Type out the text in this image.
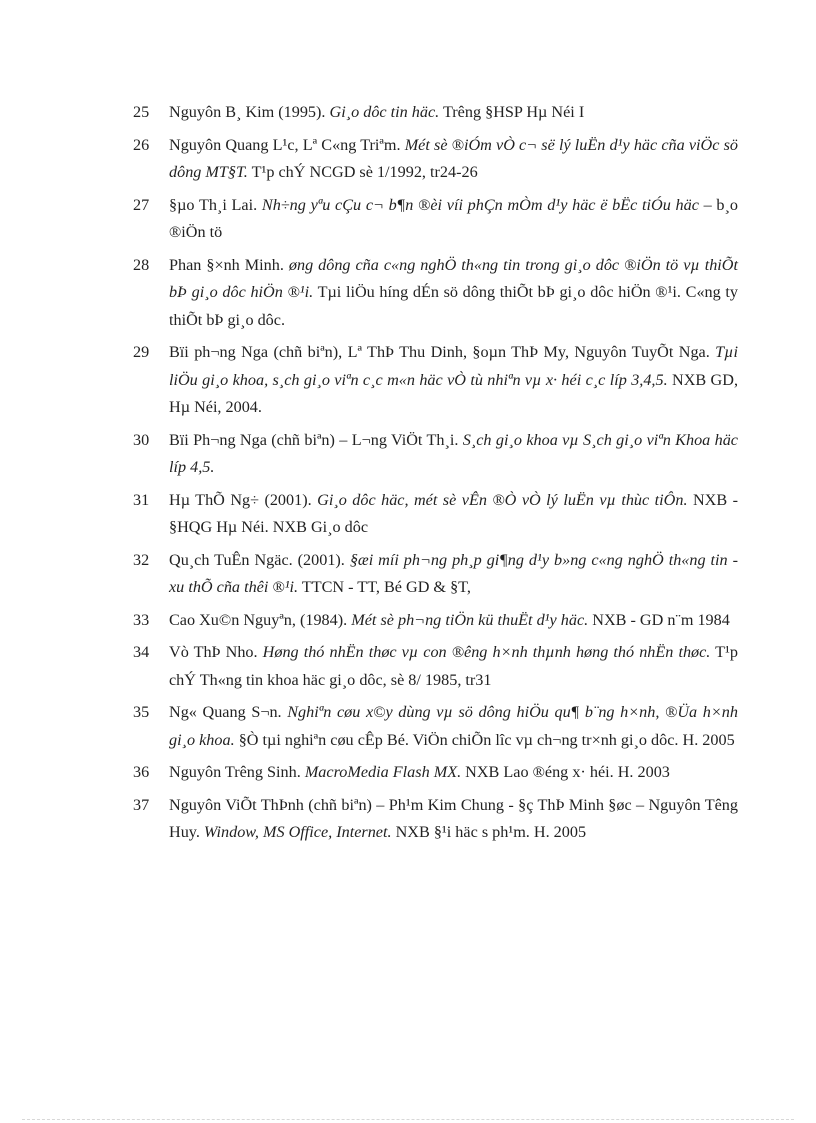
25	Nguyôn B¸ Kim (1995). Gi¸o dôc tin häc. Trêng §HSP Hµ Néi I
26	Nguyôn Quang L¹c, Lª C«ng Triªm. Mét sè ®iÓm vÒ c¬ së lý luËn d¹y häc cña viÖc sö dông MT§T. T¹p chÝ NCGD sè 1/1992, tr24-26
27	§µo Th¸i Lai. Nh÷ng yªu cÇu c¬ b¶n ®èi víi phÇn mÒm d¹y häc ë bËc tiÓu häc – b¸o ®iÖn tö
28	Phan §×nh Minh. øng dông cña c«ng nghÖ th«ng tin trong gi¸o dôc ®iÖn tö vµ thiÕt bÞ gi¸o dôc hiÖn ®¹i. Tµi liÖu híng dÉn sö dông thiÕt bÞ gi¸o dôc hiÖn ®¹i. C«ng ty thiÕt bÞ gi¸o dôc.
29	Bïi ph¬ng Nga (chñ biªn), Lª ThÞ Thu Dinh, §oµn ThÞ My, Nguyôn TuyÕt Nga. Tµi liÖu gi¸o khoa, s¸ch gi¸o viªn c¸c m«n häc vÒ tù nhiªn vµ x· héi c¸c líp 3,4,5. NXB GD, Hµ Néi, 2004.
30	Bïi Ph¬ng Nga (chñ biªn) – L¬ng ViÖt Th¸i. S¸ch gi¸o khoa vµ S¸ch gi¸o viªn Khoa häc líp 4,5.
31	Hµ ThÕ Ng÷ (2001). Gi¸o dôc häc, mét sè vÊn ®Ò vÒ lý luËn vµ thùc tiÔn. NXB - §HQG Hµ Néi. NXB Gi¸o dôc
32	Qu¸ch TuÊn Ngäc. (2001). §æi míi ph¬ng ph¸p gi¶ng d¹y b»ng c«ng nghÖ th«ng tin - xu thÕ cña thêi ®¹i. TTCN - TT, Bé GD & §T,
33	Cao Xu©n Nguyªn, (1984). Mét sè ph¬ng tiÖn kü thuËt d¹y häc. NXB - GD n¨m 1984
34	Vò ThÞ Nho. Høng thó nhËn thøc vµ con ®êng h×nh thµnh høng thó nhËn thøc. T¹p chÝ Th«ng tin khoa häc gi¸o dôc, sè 8/ 1985, tr31
35	Ng« Quang S¬n. Nghiªn cøu x©y dùng vµ sö dông hiÖu qu¶ b¨ng h×nh, ®Üa h×nh gi¸o khoa. §Ò tµi nghiªn cøu cÊp Bé. ViÖn chiÕn lîc vµ ch¬ng tr×nh gi¸o dôc. H. 2005
36	Nguyôn Trêng Sinh. MacroMedia Flash MX. NXB Lao ®éng x· héi. H. 2003
37	Nguyôn ViÕt ThÞnh (chñ biªn) – Ph¹m Kim Chung - §ç ThÞ Minh §øc – Nguyôn Têng Huy. Window, MS Office, Internet. NXB §¹i häc s ph¹m. H. 2005
